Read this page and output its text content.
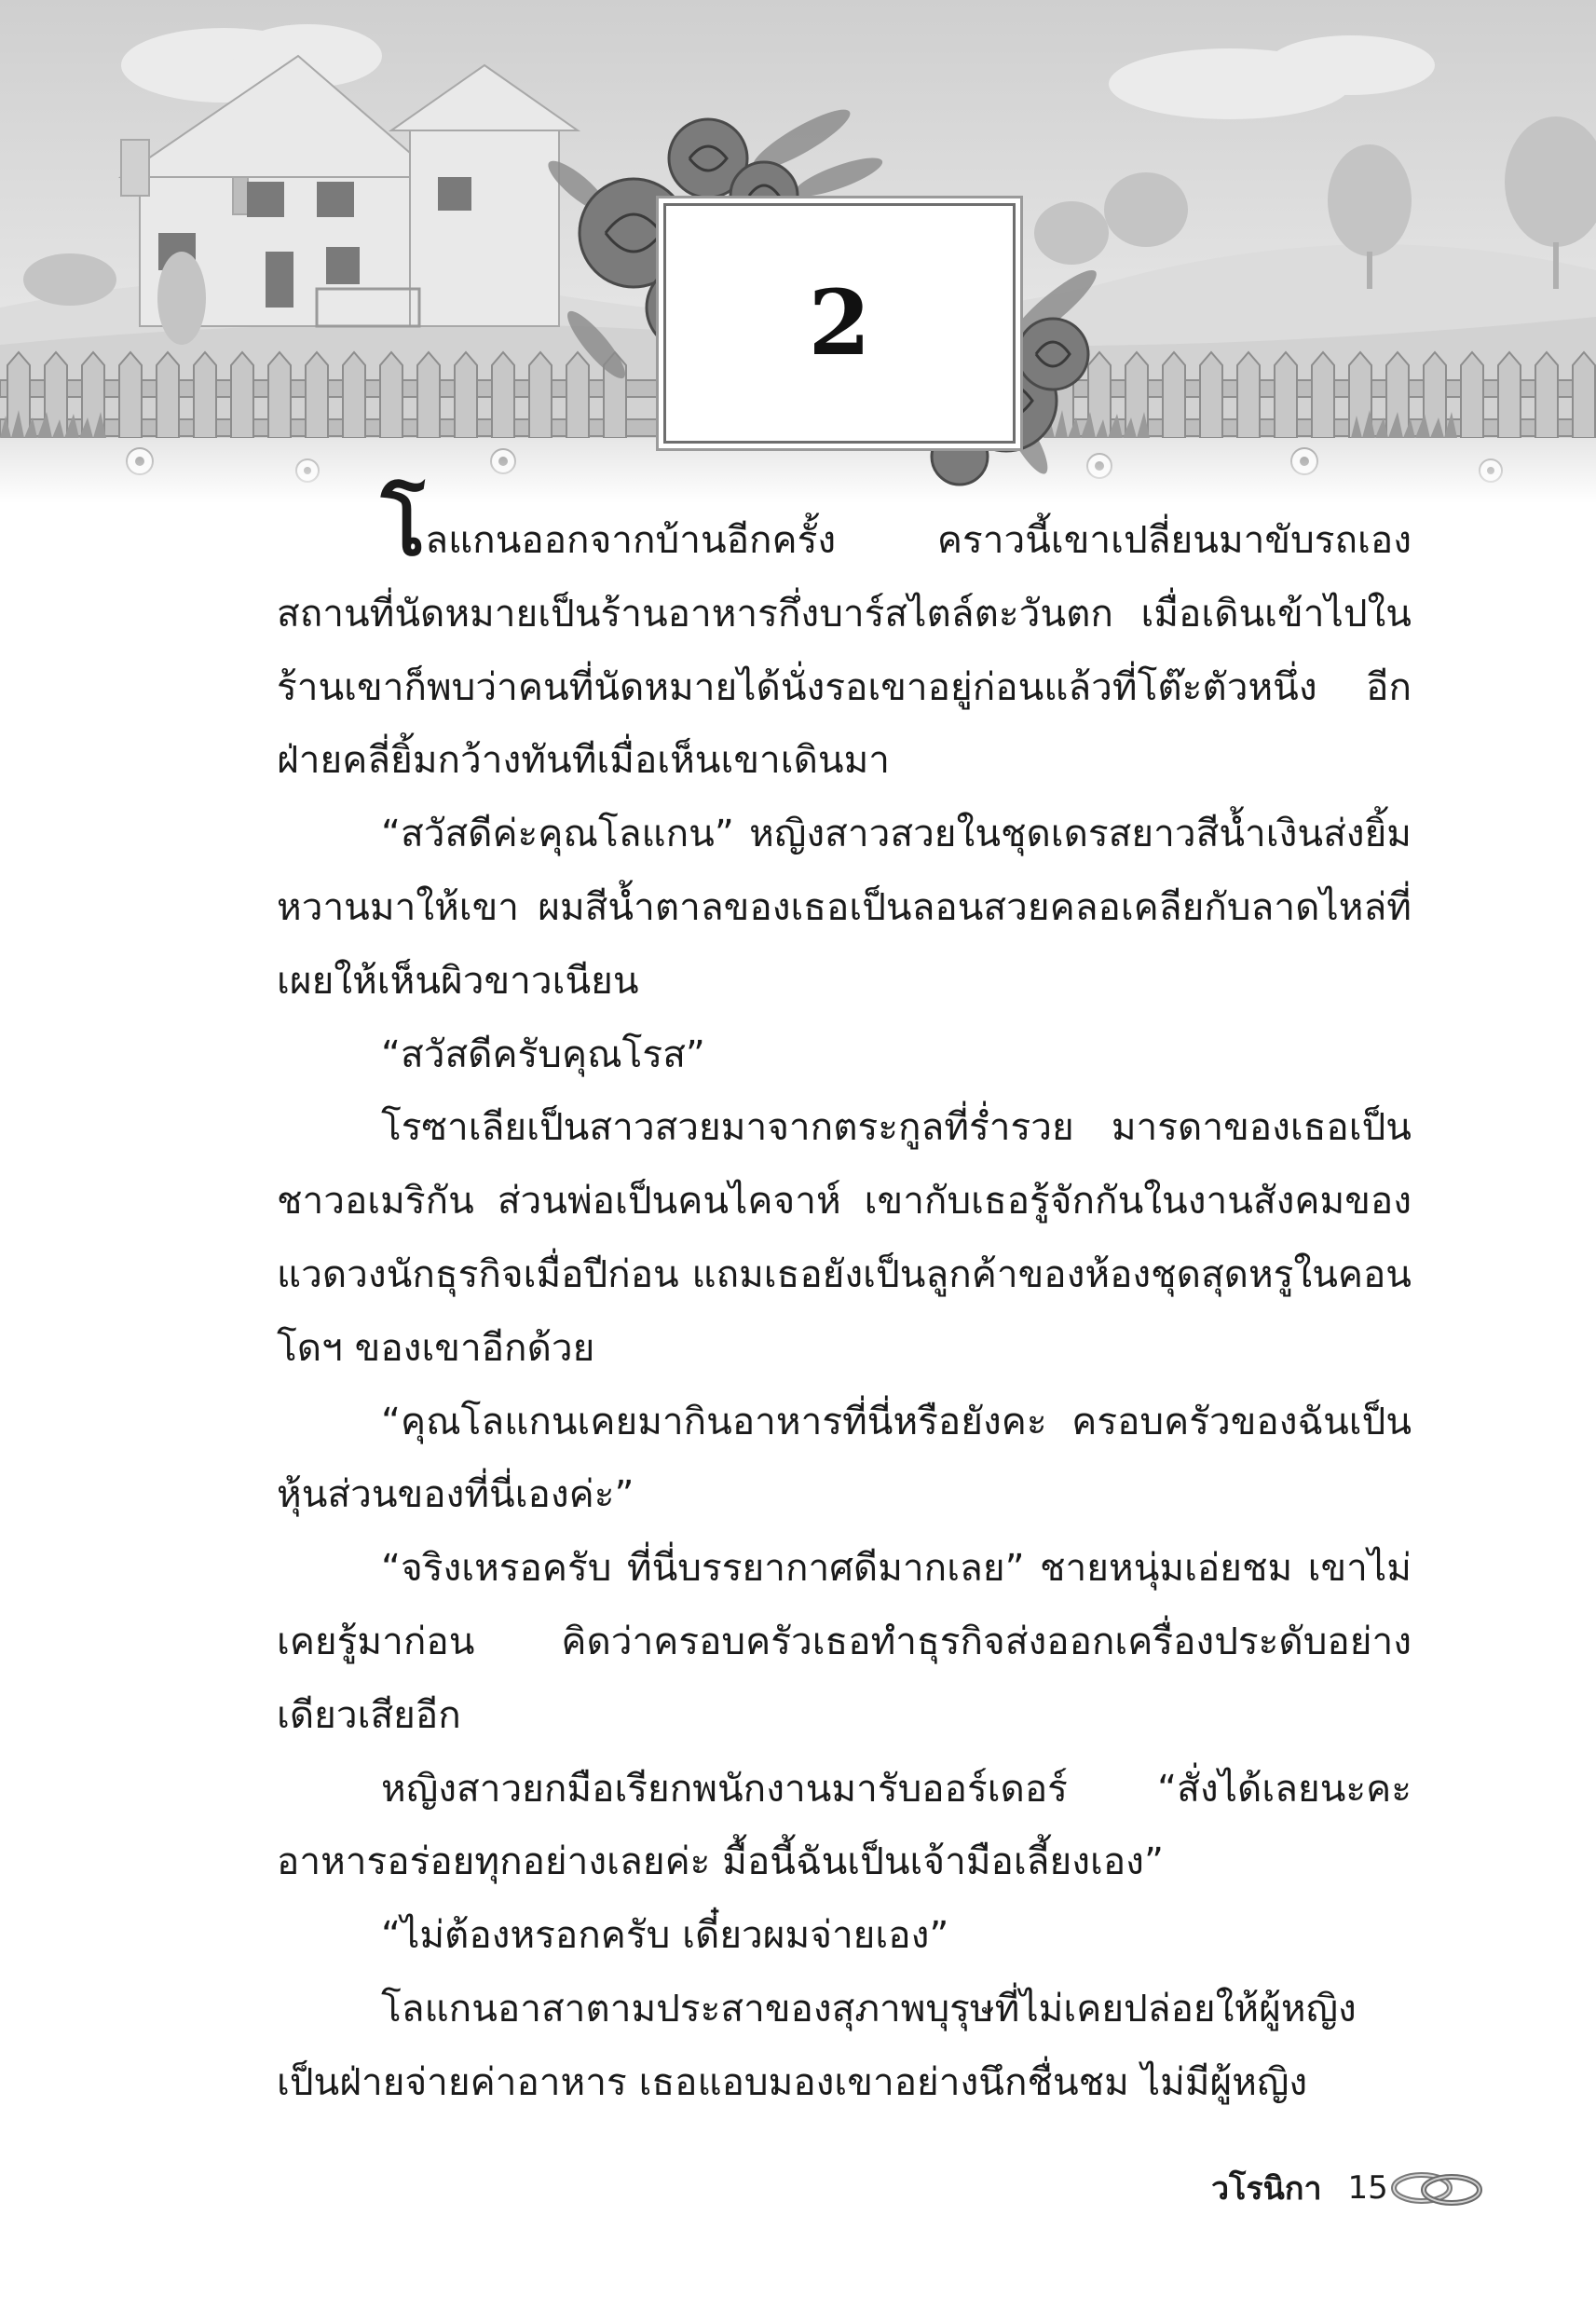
2

โลแกนออกจากบ้านอีกครั้ง คราวนี้เขาเปลี่ยนมาขับรถเอง สถานที่นัดหมายเป็นร้านอาหารกึ่งบาร์สไตล์ตะวันตก เมื่อเดินเข้าไปในร้านเขาก็พบว่าคนที่นัดหมายได้นั่งรอเขาอยู่ก่อนแล้วที่โต๊ะตัวหนึ่ง อีกฝ่ายคลี่ยิ้มกว้างทันทีเมื่อเห็นเขาเดินมา

“สวัสดีค่ะคุณโลแกน” หญิงสาวสวยในชุดเดรสยาวสีน้ำเงินส่งยิ้มหวานมาให้เขา ผมสีน้ำตาลของเธอเป็นลอนสวยคลอเคลียกับลาดไหล่ที่เผยให้เห็นผิวขาวเนียน

“สวัสดีครับคุณโรส”

โรซาเลียเป็นสาวสวยมาจากตระกูลที่ร่ำรวย มารดาของเธอเป็นชาวอเมริกัน ส่วนพ่อเป็นคนไคจาห์ เขากับเธอรู้จักกันในงานสังคมของแวดวงนักธุรกิจเมื่อปีก่อน แถมเธอยังเป็นลูกค้าของห้องชุดสุดหรูในคอนโดฯ ของเขาอีกด้วย

“คุณโลแกนเคยมากินอาหารที่นี่หรือยังคะ ครอบครัวของฉันเป็นหุ้นส่วนของที่นี่เองค่ะ”

“จริงเหรอครับ ที่นี่บรรยากาศดีมากเลย” ชายหนุ่มเอ่ยชม เขาไม่เคยรู้มาก่อน คิดว่าครอบครัวเธอทำธุรกิจส่งออกเครื่องประดับอย่างเดียวเสียอีก

หญิงสาวยกมือเรียกพนักงานมารับออร์เดอร์ “สั่งได้เลยนะคะอาหารอร่อยทุกอย่างเลยค่ะ มื้อนี้ฉันเป็นเจ้ามือเลี้ยงเอง”

“ไม่ต้องหรอกครับ เดี๋ยวผมจ่ายเอง”

โลแกนอาสาตามประสาของสุภาพบุรุษที่ไม่เคยปล่อยให้ผู้หญิงเป็นฝ่ายจ่ายค่าอาหาร เธอแอบมองเขาอย่างนึกชื่นชม ไม่มีผู้หญิง

วโรนิกา 15
